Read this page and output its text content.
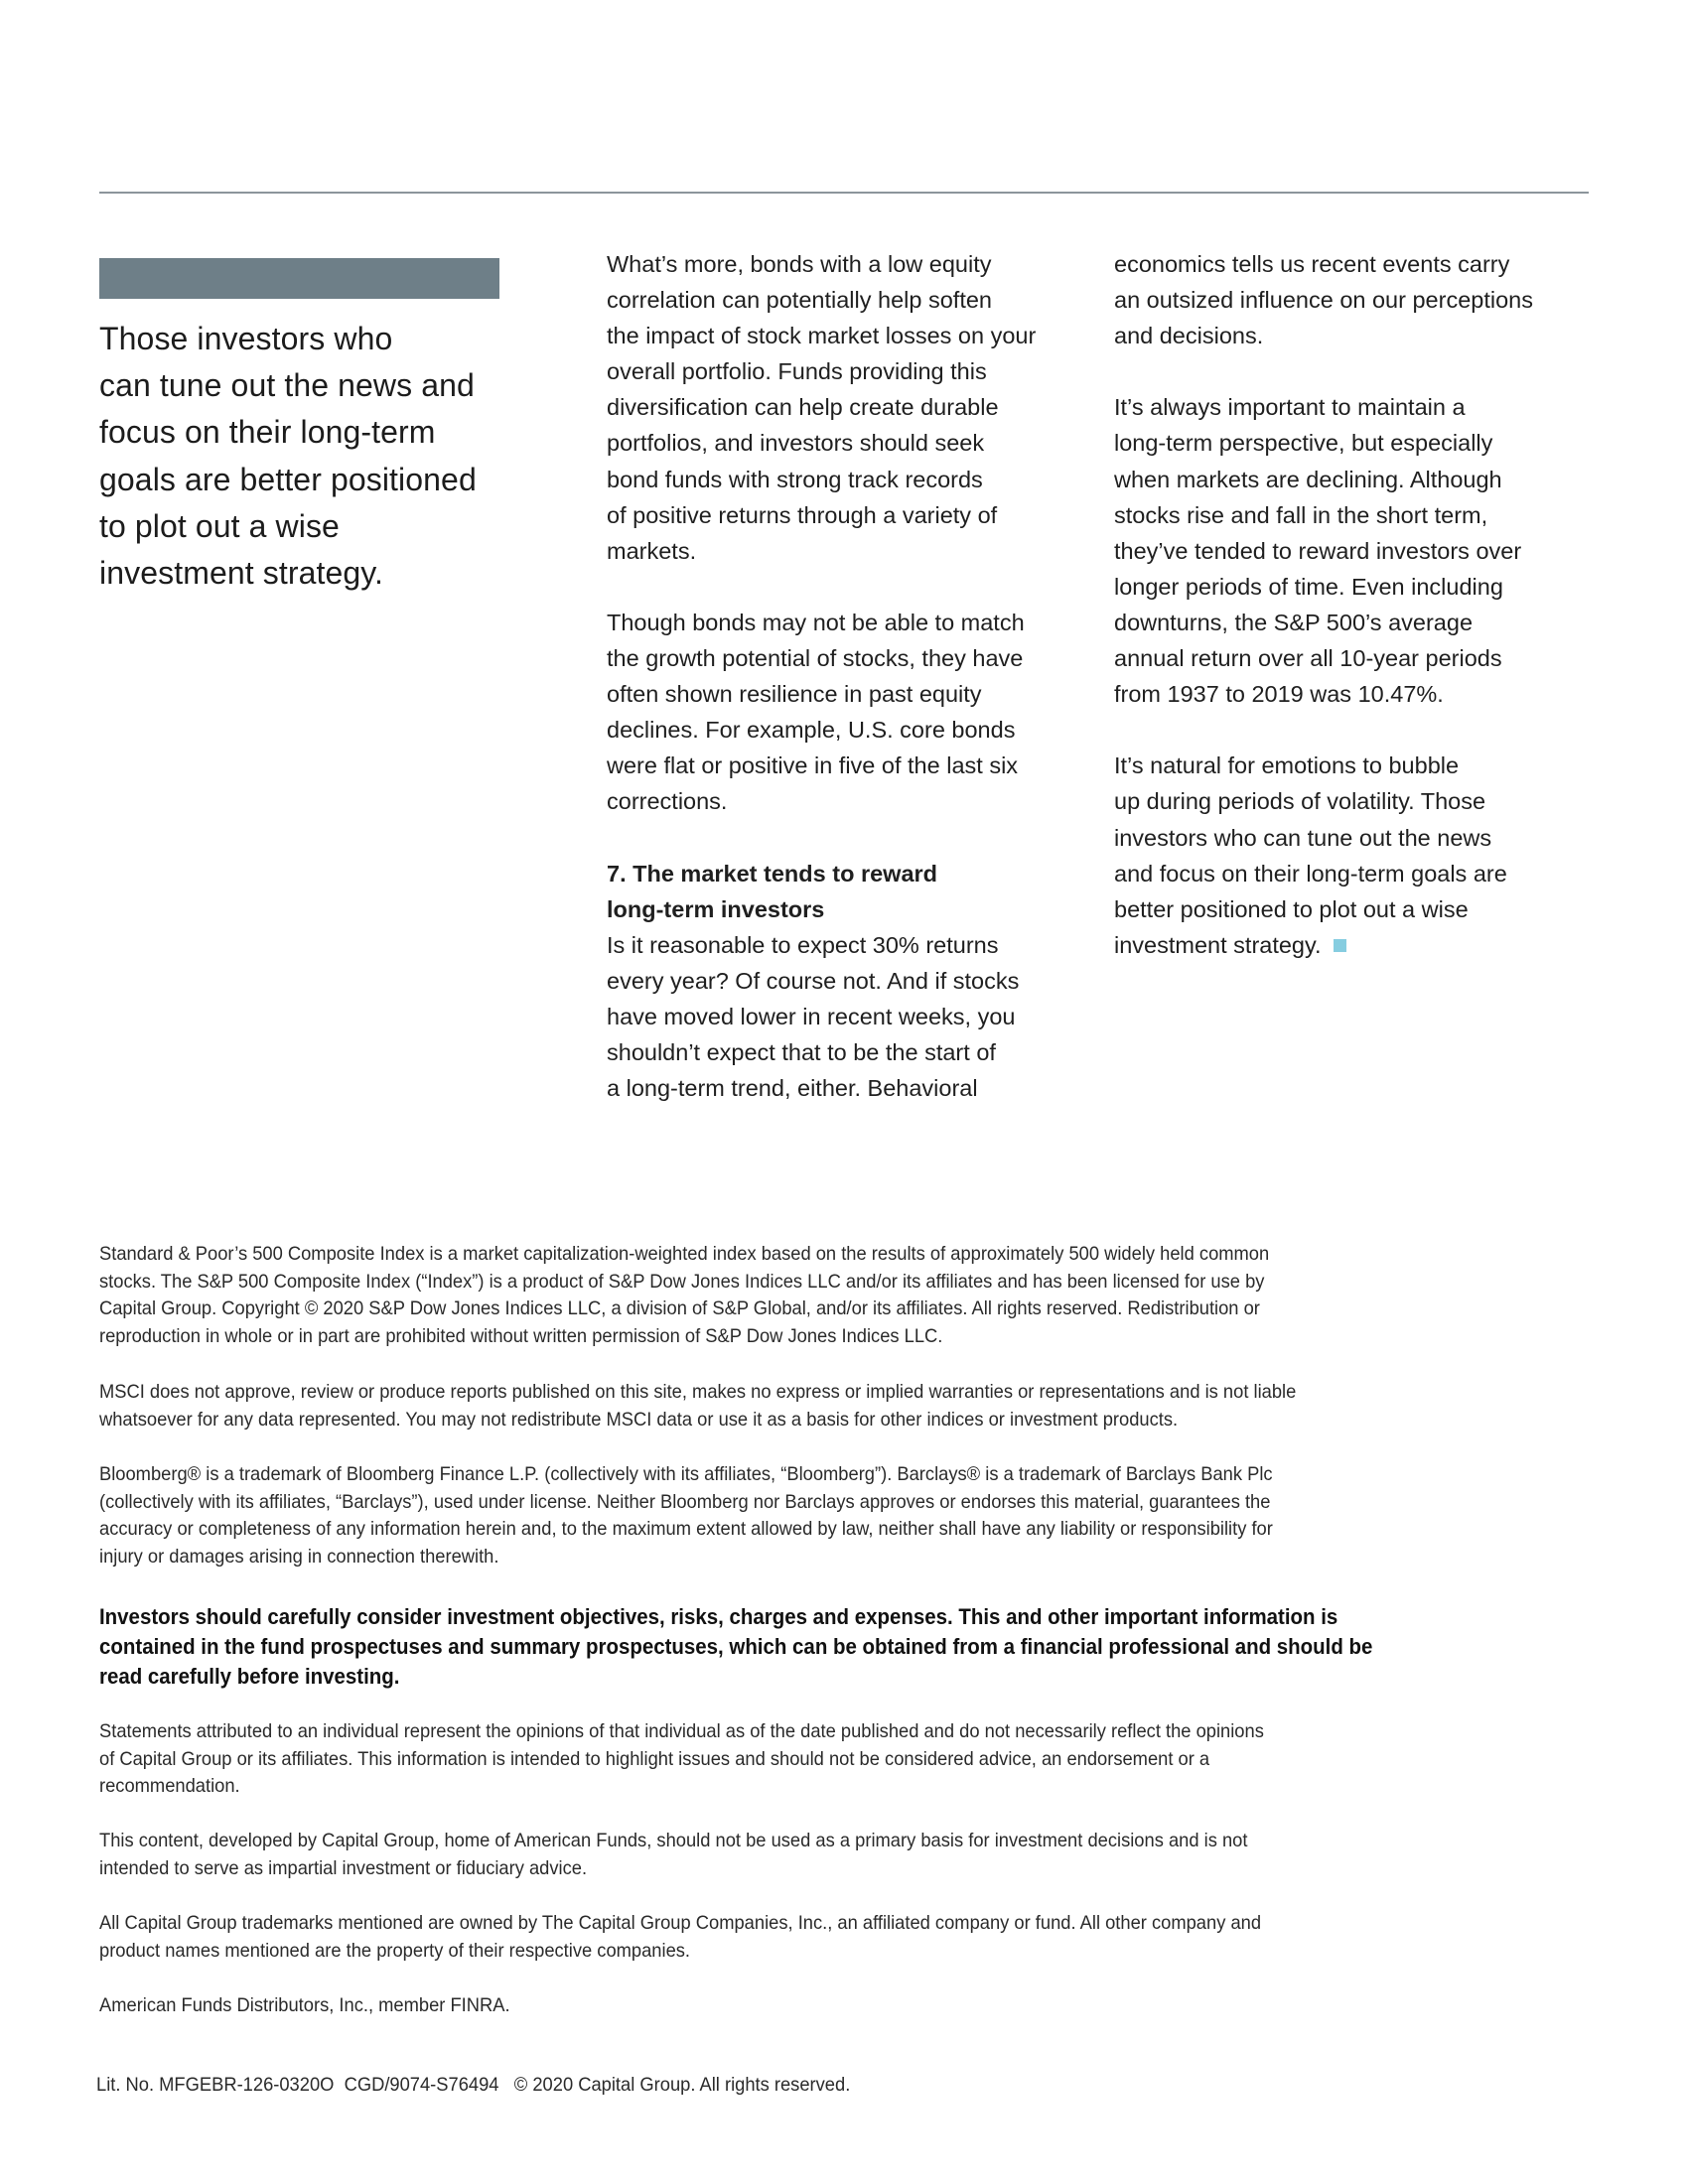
Those investors who
can tune out the news and
focus on their long-term
goals are better positioned
to plot out a wise
investment strategy.
What’s more, bonds with a low equity
correlation can potentially help soften
the impact of stock market losses on your
overall portfolio. Funds providing this
diversification can help create durable
portfolios, and investors should seek
bond funds with strong track records
of positive returns through a variety of
markets.
Though bonds may not be able to match
the growth potential of stocks, they have
often shown resilience in past equity
declines. For example, U.S. core bonds
were flat or positive in five of the last six
corrections.
7. The market tends to reward
long-term investors
Is it reasonable to expect 30% returns
every year? Of course not. And if stocks
have moved lower in recent weeks, you
shouldn’t expect that to be the start of
a long-term trend, either. Behavioral
economics tells us recent events carry
an outsized influence on our perceptions
and decisions.
It’s always important to maintain a
long-term perspective, but especially
when markets are declining. Although
stocks rise and fall in the short term,
they’ve tended to reward investors over
longer periods of time. Even including
downturns, the S&P 500’s average
annual return over all 10-year periods
from 1937 to 2019 was 10.47%.
It’s natural for emotions to bubble
up during periods of volatility. Those
investors who can tune out the news
and focus on their long-term goals are
better positioned to plot out a wise
investment strategy.
Standard & Poor’s 500 Composite Index is a market capitalization-weighted index based on the results of approximately 500 widely held common
stocks. The S&P 500 Composite Index (“Index”) is a product of S&P Dow Jones Indices LLC and/or its affiliates and has been licensed for use by
Capital Group. Copyright © 2020 S&P Dow Jones Indices LLC, a division of S&P Global, and/or its affiliates. All rights reserved. Redistribution or
reproduction in whole or in part are prohibited without written permission of S&P Dow Jones Indices LLC.
MSCI does not approve, review or produce reports published on this site, makes no express or implied warranties or representations and is not liable
whatsoever for any data represented. You may not redistribute MSCI data or use it as a basis for other indices or investment products.
Bloomberg® is a trademark of Bloomberg Finance L.P. (collectively with its affiliates, “Bloomberg”). Barclays® is a trademark of Barclays Bank Plc
(collectively with its affiliates, “Barclays”), used under license. Neither Bloomberg nor Barclays approves or endorses this material, guarantees the
accuracy or completeness of any information herein and, to the maximum extent allowed by law, neither shall have any liability or responsibility for
injury or damages arising in connection therewith.
Investors should carefully consider investment objectives, risks, charges and expenses. This and other important information is
contained in the fund prospectuses and summary prospectuses, which can be obtained from a financial professional and should be
read carefully before investing.
Statements attributed to an individual represent the opinions of that individual as of the date published and do not necessarily reflect the opinions
of Capital Group or its affiliates. This information is intended to highlight issues and should not be considered advice, an endorsement or a
recommendation.
This content, developed by Capital Group, home of American Funds, should not be used as a primary basis for investment decisions and is not
intended to serve as impartial investment or fiduciary advice.
All Capital Group trademarks mentioned are owned by The Capital Group Companies, Inc., an affiliated company or fund. All other company and
product names mentioned are the property of their respective companies.
American Funds Distributors, Inc., member FINRA.
Lit. No. MFGEBR-126-0320O  CGD/9074-S76494   © 2020 Capital Group. All rights reserved.
